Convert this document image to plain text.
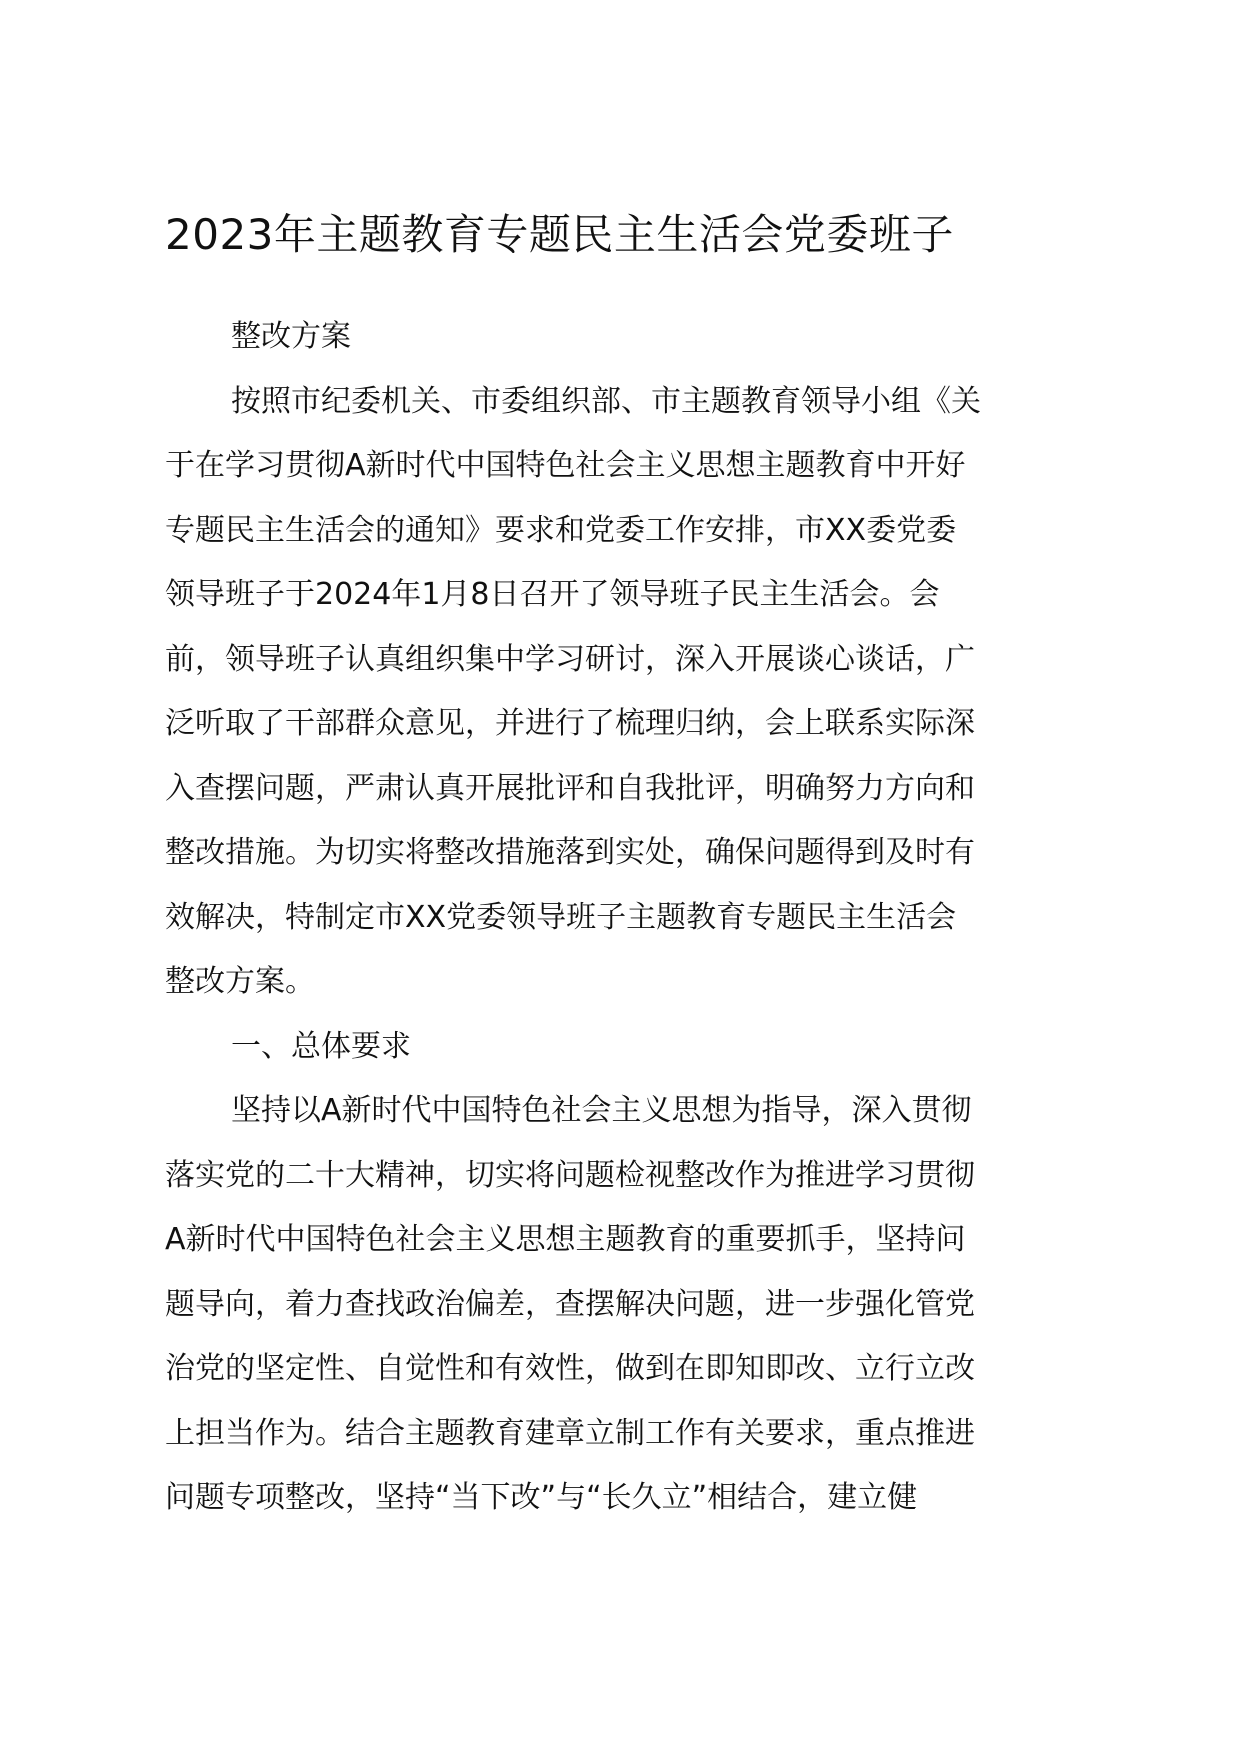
2023年主题教育专题民主生活会党委班子
整改方案
按照市纪委机关、市委组织部、市主题教育领导小组《关
于在学习贯彻A新时代中国特色社会主义思想主题教育中开好
专题民主生活会的通知》要求和党委工作安排，市XX委党委
领导班子于2024年1月8日召开了领导班子民主生活会。会
前，领导班子认真组织集中学习研讨，深入开展谈心谈话，广
泛听取了干部群众意见，并进行了梳理归纳，会上联系实际深
入查摆问题，严肃认真开展批评和自我批评，明确努力方向和
整改措施。为切实将整改措施落到实处，确保问题得到及时有
效解决，特制定市XX党委领导班子主题教育专题民主生活会
整改方案。
一、总体要求
坚持以A新时代中国特色社会主义思想为指导，深入贯彻
落实党的二十大精神，切实将问题检视整改作为推进学习贯彻
A新时代中国特色社会主义思想主题教育的重要抓手，坚持问
题导向，着力查找政治偏差，查摆解决问题，进一步强化管党
治党的坚定性、自觉性和有效性，做到在即知即改、立行立改
上担当作为。结合主题教育建章立制工作有关要求，重点推进
问题专项整改，坚持“当下改”与“长久立”相结合，建立健
